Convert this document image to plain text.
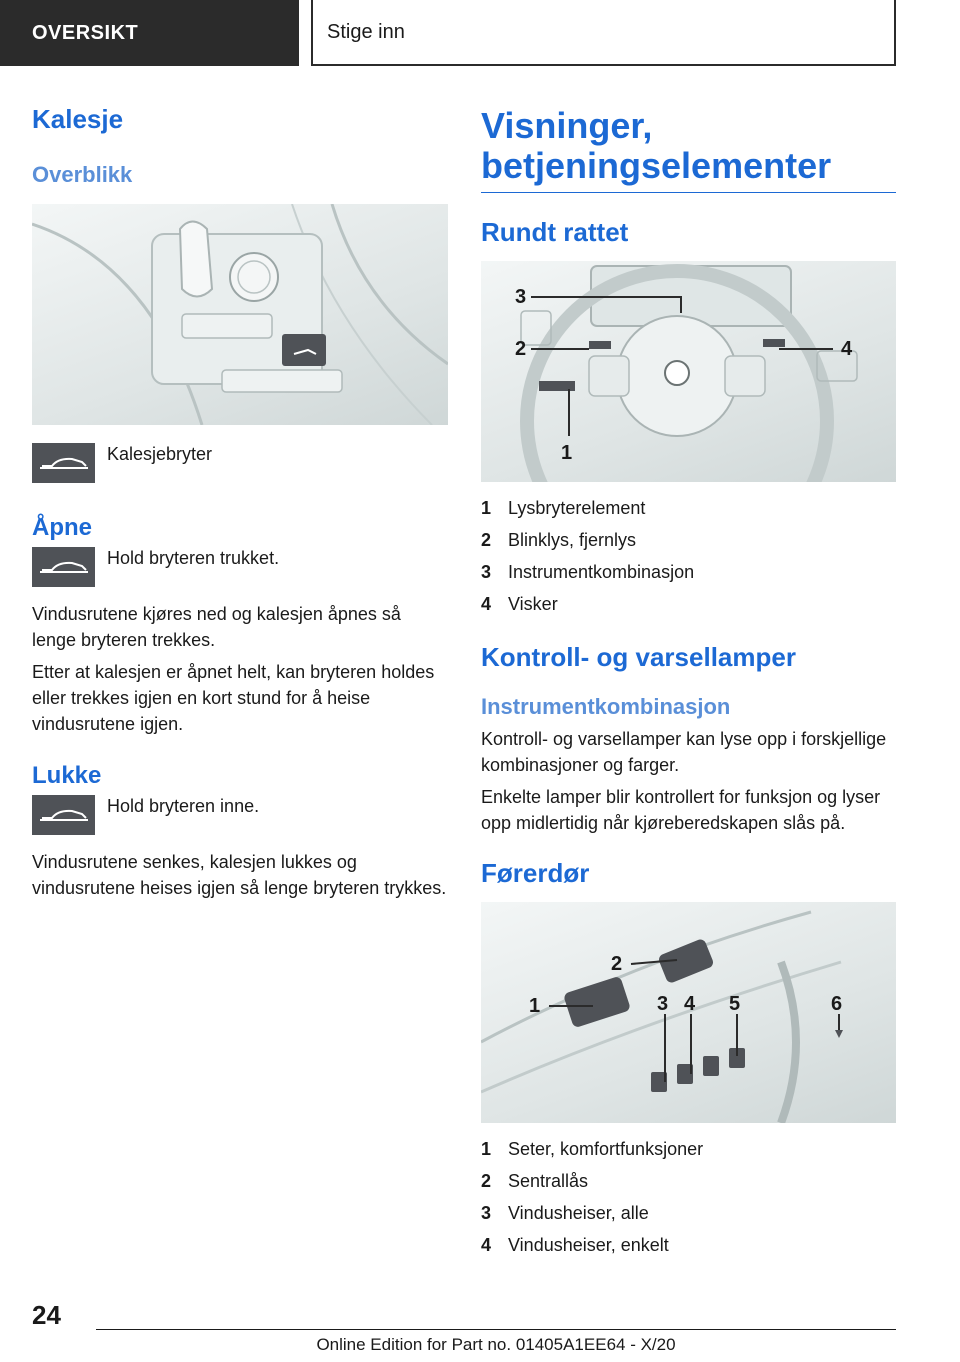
OVERSIKT	Stige inn
Kalesje
Overblikk
Kalesjebryter
Åpne
Hold bryteren trukket.

Vindusrutene kjøres ned og kalesjen åpnes så lenge bryteren trekkes.

Etter at kalesjen er åpnet helt, kan bryteren holdes eller trekkes igjen en kort stund for å heise vindusrutene igjen.

Lukke
Hold bryteren inne.

Vindusrutene senkes, kalesjen lukkes og vindusrutene heises igjen så lenge bryteren trykkes.

Visninger,
betjeningselementer
Rundt rattet
3
2	4
1
1 Lysbryterelement
2 Blinklys, fjernlys
3 Instrumentkombinasjon
4 Visker
Kontroll- og varsellamper
Instrumentkombinasjon

Kontroll- og varsellamper kan lyse opp i forskjellige kombinasjoner og farger.

Enkelte lamper blir kontrollert for funksjon og lyser opp midlertidig når kjøreberedskapen slås på.

Førerdør
1
2
3 4 5	6
1 Seter, komfortfunksjoner
2 Sentrallås
3 Vindusheiser, alle
4 Vindusheiser, enkelt
24
Online Edition for Part no. 01405A1EE64 - X/20
